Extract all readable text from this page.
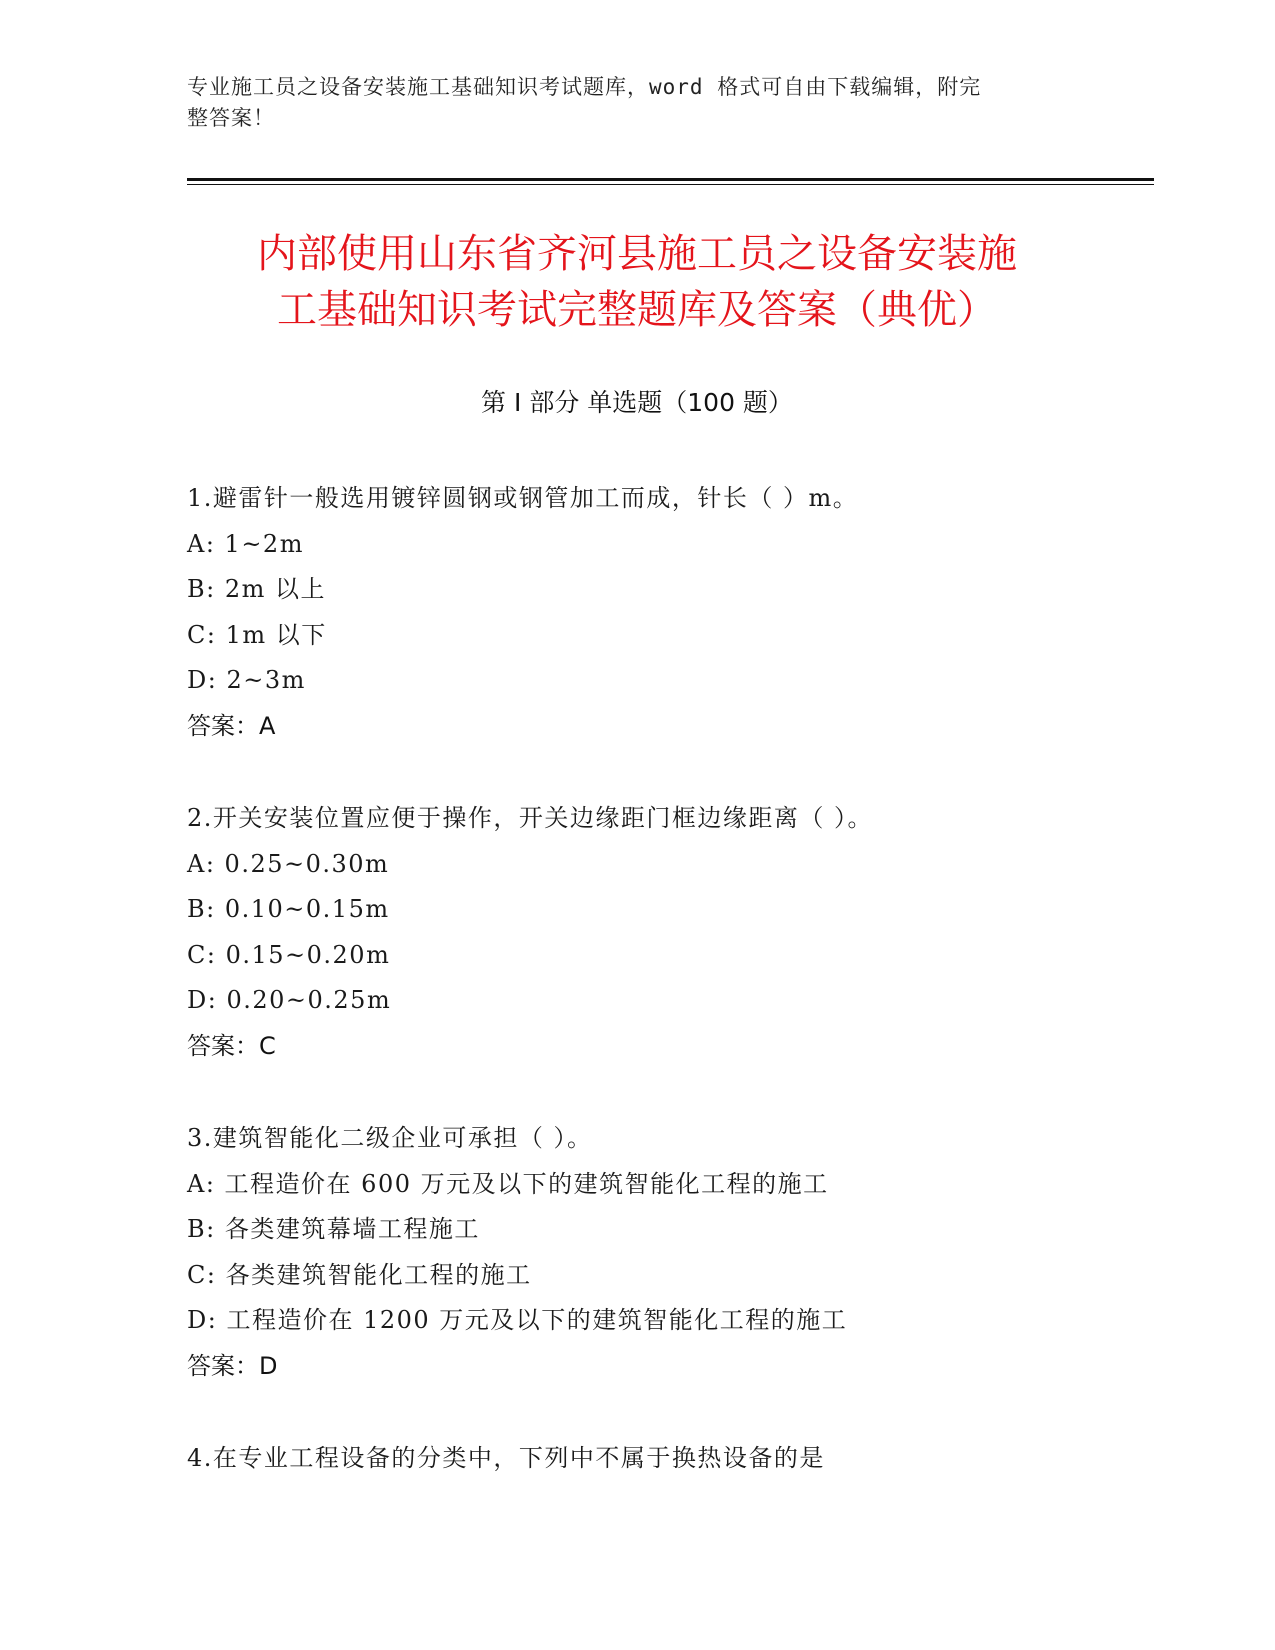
专业施工员之设备安装施工基础知识考试题库，word 格式可自由下载编辑，附完
整答案！
内部使用山东省齐河县施工员之设备安装施
工基础知识考试完整题库及答案（典优）
第 I 部分 单选题（100 题）
1.避雷针一般选用镀锌圆钢或钢管加工而成，针长（ ）m。
A: 1~2m
B: 2m 以上
C: 1m 以下
D: 2~3m
答案：A
2.开关安装位置应便于操作，开关边缘距门框边缘距离（ ）。
A: 0.25~0.30m
B: 0.10~0.15m
C: 0.15~0.20m
D: 0.20~0.25m
答案：C
3.建筑智能化二级企业可承担（ ）。
A: 工程造价在 600 万元及以下的建筑智能化工程的施工
B: 各类建筑幕墙工程施工
C: 各类建筑智能化工程的施工
D: 工程造价在 1200 万元及以下的建筑智能化工程的施工
答案：D
4.在专业工程设备的分类中，下列中不属于换热设备的是
